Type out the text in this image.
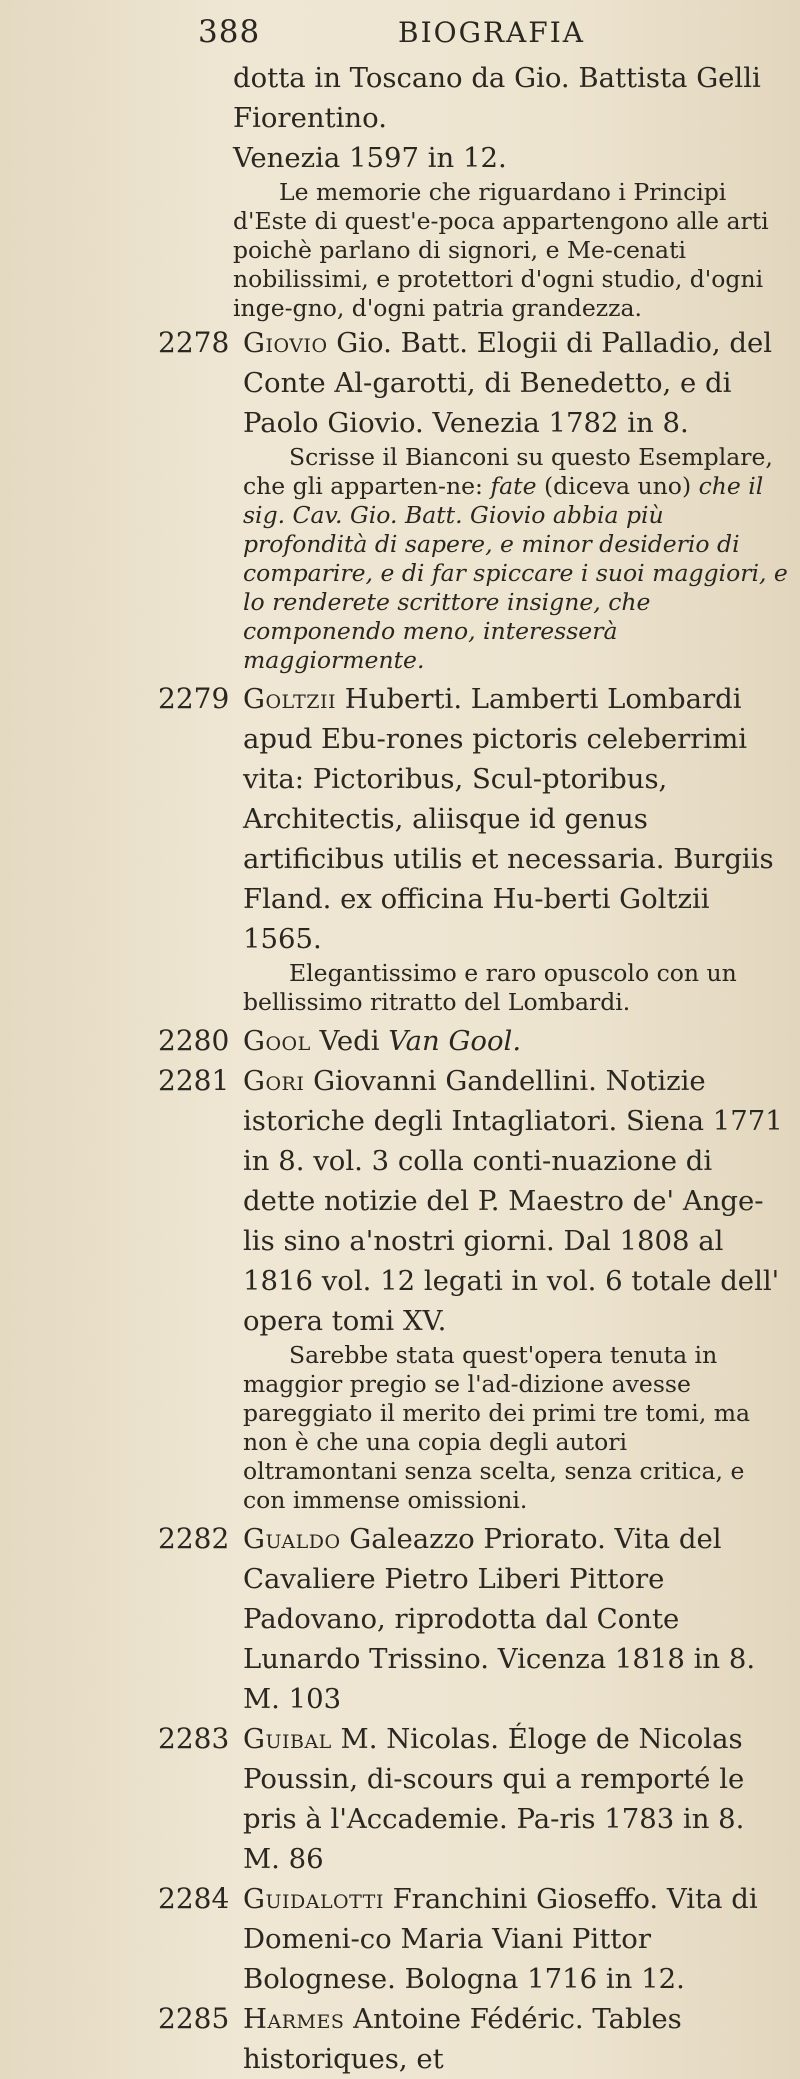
388	BIOGRAFIA

dotta in Toscano da Gio. Battista Gelli Fiorentino.

Venezia 1597 in 12.

Le memorie che riguardano i Principi d'Este di quest'e-poca appartengono alle arti poichè parlano di signori, e Me-cenati nobilissimi, e protettori d'ogni studio, d'ogni inge-gno, d'ogni patria grandezza.

2278 Giovio Gio. Batt. Elogii di Palladio, del Conte Al-garotti, di Benedetto, e di Paolo Giovio. Venezia 1782 in 8.

Scrisse il Bianconi su questo Esemplare, che gli apparten-ne: fate (diceva uno) che il sig. Cav. Gio. Batt. Giovio abbia più profondità di sapere, e minor desiderio di comparire, e di far spiccare i suoi maggiori, e lo renderete scrittore insigne, che componendo meno, interesserà maggiormente.

2279 Goltzii Huberti. Lamberti Lombardi apud Ebu-rones pictoris celeberrimi vita: Pictoribus, Scul-ptoribus, Architectis, aliisque id genus artificibus utilis et necessaria. Burgiis Fland. ex officina Hu-berti Goltzii 1565.

Elegantissimo e raro opuscolo con un bellissimo ritratto del Lombardi.

2280 Gool Vedi Van Gool.
2281 Gori Giovanni Gandellini. Notizie istoriche degli Intagliatori. Siena 1771 in 8. vol. 3 colla conti-nuazione di dette notizie del P. Maestro de' Ange-lis sino a'nostri giorni. Dal 1808 al 1816 vol. 12 legati in vol. 6 totale dell' opera tomi XV.

Sarebbe stata quest'opera tenuta in maggior pregio se l'ad-dizione avesse pareggiato il merito dei primi tre tomi, ma non è che una copia degli autori oltramontani senza scelta, senza critica, e con immense omissioni.

2282 Gualdo Galeazzo Priorato. Vita del Cavaliere Pietro Liberi Pittore Padovano, riprodotta dal Conte Lunardo Trissino. Vicenza 1818 in 8. M. 103
2283 Guibal M. Nicolas. Éloge de Nicolas Poussin, di-scours qui a remporté le pris à l'Accademie. Pa-ris 1783 in 8. M. 86
2284 Guidalotti Franchini Gioseffo. Vita di Domeni-co Maria Viani Pittor Bolognese. Bologna 1716 in 12.
2285 Harmes Antoine Fédéric. Tables historiques, et
